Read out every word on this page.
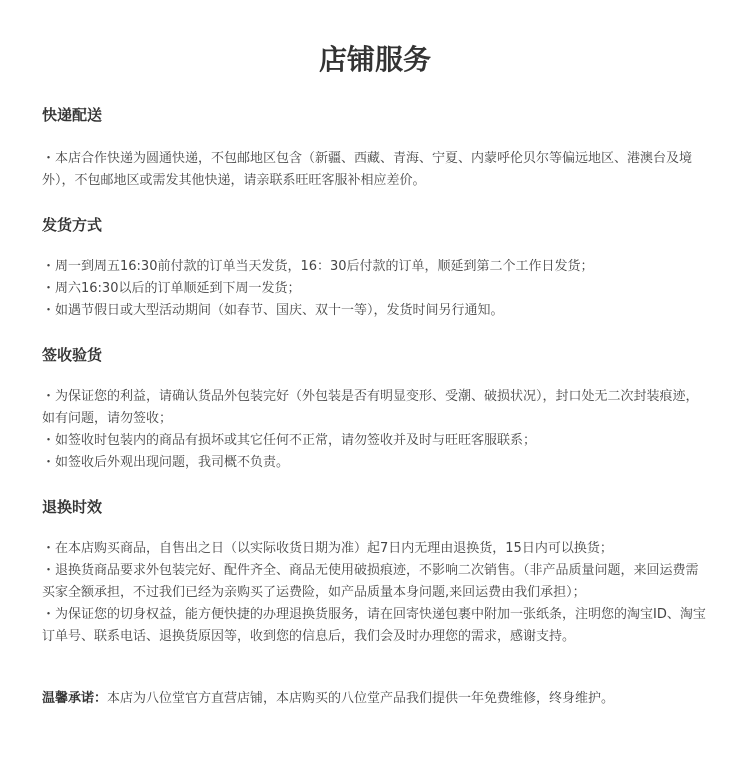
店铺服务
快递配送
・本店合作快递为圆通快递，不包邮地区包含（新疆、西藏、青海、宁夏、内蒙呼伦贝尔等偏远地区、港澳台及境外），不包邮地区或需发其他快递，请亲联系旺旺客服补相应差价。
发货方式
・周一到周五16:30前付款的订单当天发货，16：30后付款的订单，顺延到第二个工作日发货；
・周六16:30以后的订单顺延到下周一发货；
・如遇节假日或大型活动期间（如春节、国庆、双十一等），发货时间另行通知。
签收验货
・为保证您的利益，请确认货品外包装完好（外包装是否有明显变形、受潮、破损状况），封口处无二次封装痕迹，如有问题，请勿签收；
・如签收时包装内的商品有损坏或其它任何不正常，请勿签收并及时与旺旺客服联系；
・如签收后外观出现问题，我司概不负责。
退换时效
・在本店购买商品，自售出之日（以实际收货日期为准）起7日内无理由退换货，15日内可以换货；
・退换货商品要求外包装完好、配件齐全、商品无使用破损痕迹，不影响二次销售。（非产品质量问题，来回运费需买家全额承担，不过我们已经为亲购买了运费险，如产品质量本身问题,来回运费由我们承担）；
・为保证您的切身权益，能方便快捷的办理退换货服务，请在回寄快递包裹中附加一张纸条，注明您的淘宝ID、淘宝订单号、联系电话、退换货原因等，收到您的信息后，我们会及时办理您的需求，感谢支持。

温馨承诺：本店为八位堂官方直营店铺，本店购买的八位堂产品我们提供一年免费维修，终身维护。
